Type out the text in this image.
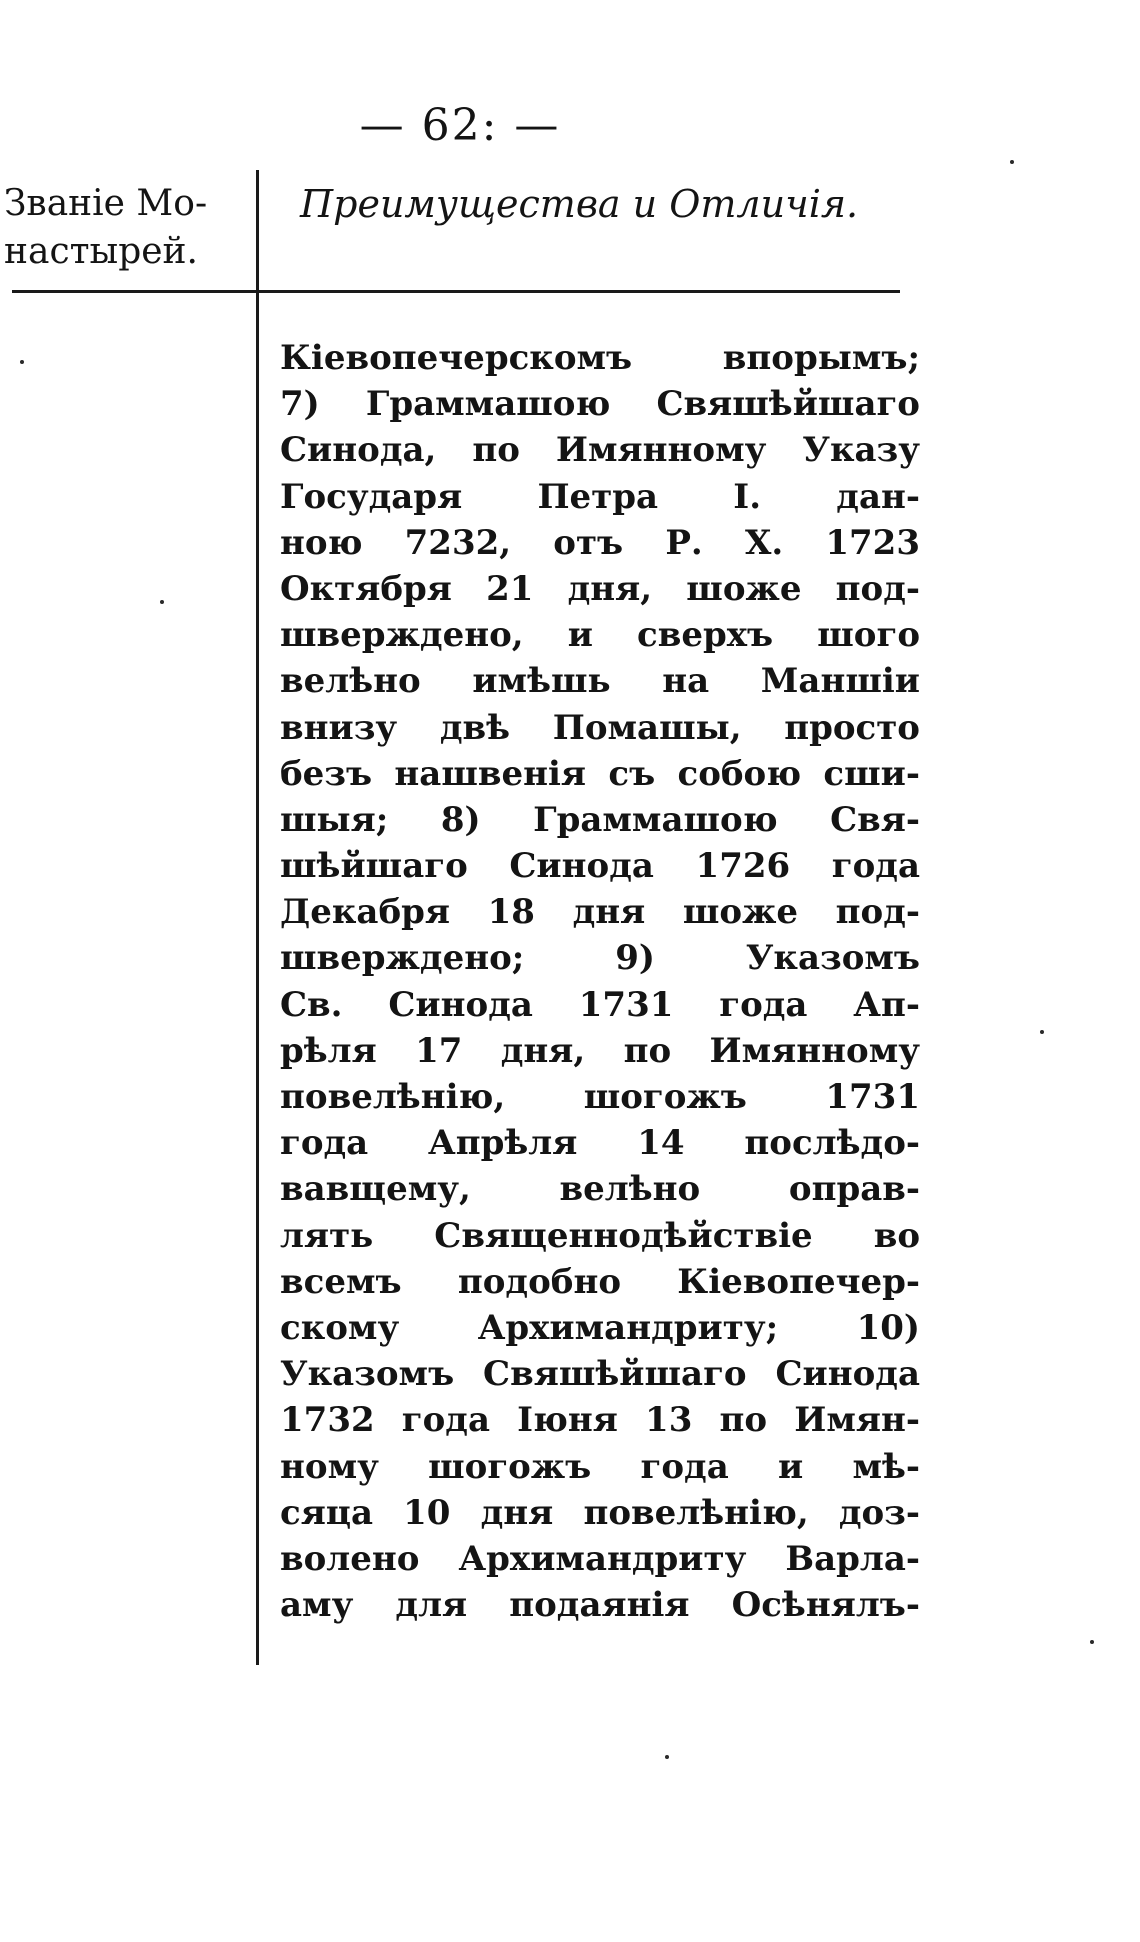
— 62: —
Званіе Мо-
настырей.
Преимущества и Отличія.
Кіевопечерскомъ впорымъ;
7) Граммашою Свяшѣйшаго
Синода, по Имянному Указу
Государя Петра I. дан-
ною 7232, отъ Р. Х. 1723
Октября 21 дня, шоже под-
шверждено, и сверхъ шого
велѣно имѣшь на Маншіи
внизу двѣ Помашы, просто
безъ нашвенія съ собою сши-
шыя; 8) Граммашою Свя-
шѣйшаго Синода 1726 года
Декабря 18 дня шоже под-
шверждено; 9) Указомъ
Св. Синода 1731 года Ап-
рѣля 17 дня, по Имянному
повелѣнію, шогожъ 1731
года Апрѣля 14 послѣдо-
вавщему, велѣно оправ-
лять Священнодѣйствіе во
всемъ подобно Кіевопечер-
скому Архимандриту; 10)
Указомъ Свяшѣйшаго Синода
1732 года Іюня 13 по Имян-
ному шогожъ года и мѣ-
сяца 10 дня повелѣнію, доз-
волено Архимандриту Варла-
аму для подаянія Осѣнялъ-
